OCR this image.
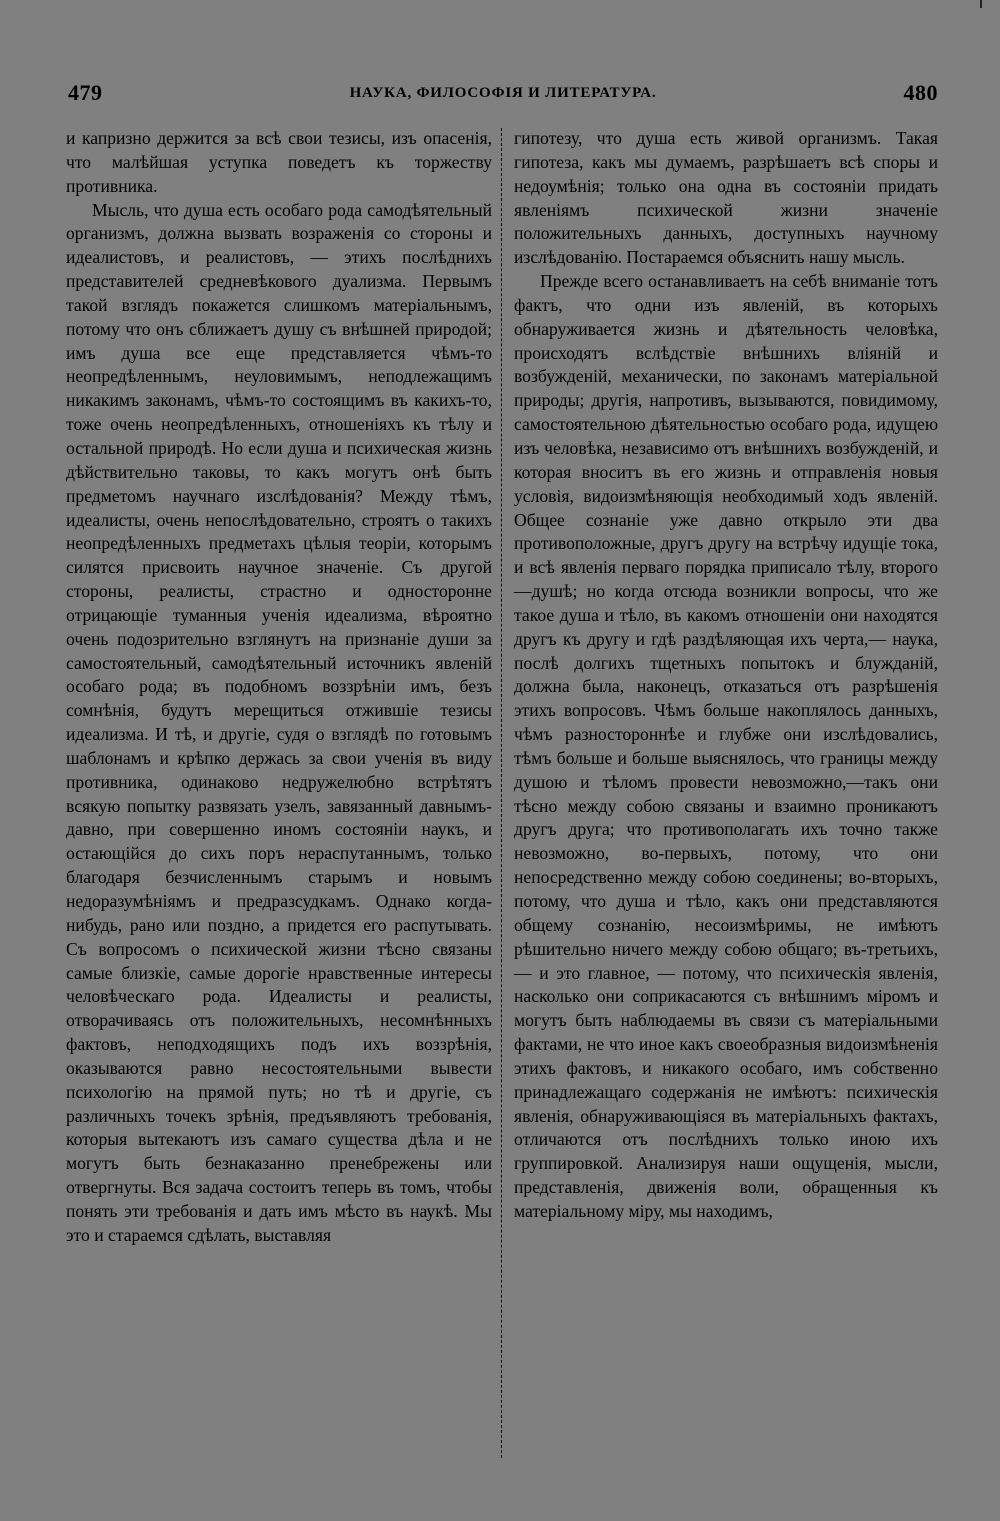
479	НАУКА, ФИЛОСОФІЯ И ЛИТЕРАТУРА.	480

и капризно держится за всѣ свои тезисы, изъ опасенія, что малѣйшая уступка поведетъ къ торжеству противника.

Мысль, что душа есть особаго рода самодѣятельный организмъ, должна вызвать возраженія со стороны и идеалистовъ, и реалистовъ, — этихъ послѣднихъ представителей средневѣкового дуализма. Первымъ такой взглядъ покажется слишкомъ матеріальнымъ, потому что онъ сближаетъ душу съ внѣшней природой; имъ душа все еще представляется чѣмъ-то неопредѣленнымъ, неуловимымъ, неподлежащимъ никакимъ законамъ, чѣмъ-то состоящимъ въ какихъ-то, тоже очень неопредѣленныхъ, отношеніяхъ къ тѣлу и остальной природѣ. Но если душа и психическая жизнь дѣйствительно таковы, то какъ могутъ онѣ быть предметомъ научнаго изслѣдованія? Между тѣмъ, идеалисты, очень непослѣдовательно, строятъ о такихъ неопредѣленныхъ предметахъ цѣлыя теоріи, которымъ силятся присвоить научное значеніе. Съ другой стороны, реалисты, страстно и односторонне отрицающіе туманныя ученія идеализма, вѣроятно очень подозрительно взглянутъ на признаніе души за самостоятельный, самодѣятельный источникъ явленій особаго рода; въ подобномъ воззрѣніи имъ, безъ сомнѣнія, будутъ мерещиться отжившіе тезисы идеализма. И тѣ, и другіе, судя о взглядѣ по готовымъ шаблонамъ и крѣпко держась за свои ученія въ виду противника, одинаково недружелюбно встрѣтятъ всякую попытку развязать узелъ, завязанный давнымъ-давно, при совершенно иномъ состояніи наукъ, и остающійся до сихъ поръ нераспутаннымъ, только благодаря безчисленнымъ старымъ и новымъ недоразумѣніямъ и предразсудкамъ. Однако когда-нибудь, рано или поздно, а придется его распутывать. Съ вопросомъ о психической жизни тѣсно связаны самые близкіе, самые дорогіе нравственные интересы человѣческаго рода. Идеалисты и реалисты, отворачиваясь отъ положительныхъ, несомнѣнныхъ фактовъ, неподходящихъ подъ ихъ воззрѣнія, оказываются равно несостоятельными вывести психологію на прямой путь; но тѣ и другіе, съ различныхъ точекъ зрѣнія, предъявляютъ требованія, которыя вытекаютъ изъ самаго существа дѣла и не могутъ быть безнаказанно пренебрежены или отвергнуты. Вся задача состоитъ теперь въ томъ, чтобы понять эти требованія и дать имъ мѣсто въ наукѣ. Мы это и стараемся сдѣлать, выставляя

гипотезу, что душа есть живой организмъ. Такая гипотеза, какъ мы думаемъ, разрѣшаетъ всѣ споры и недоумѣнія; только она одна въ состояніи придать явленіямъ психической жизни значеніе положительныхъ данныхъ, доступныхъ научному изслѣдованію. Постараемся объяснить нашу мысль.

Прежде всего останавливаетъ на себѣ вниманіе тотъ фактъ, что одни изъ явленій, въ которыхъ обнаруживается жизнь и дѣятельность человѣка, происходятъ вслѣдствіе внѣшнихъ вліяній и возбужденій, механически, по законамъ матеріальной природы; другія, напротивъ, вызываются, повидимому, самостоятельною дѣятельностью особаго рода, идущею изъ человѣка, независимо отъ внѣшнихъ возбужденій, и которая вноситъ въ его жизнь и отправленія новыя условія, видоизмѣняющія необходимый ходъ явленій. Общее сознаніе уже давно открыло эти два противоположные, другъ другу на встрѣчу идущіе тока, и всѣ явленія перваго порядка приписало тѣлу, второго—душѣ; но когда отсюда возникли вопросы, что же такое душа и тѣло, въ какомъ отношеніи они находятся другъ къ другу и гдѣ раздѣляющая ихъ черта,— наука, послѣ долгихъ тщетныхъ попытокъ и блужданій, должна была, наконецъ, отказаться отъ разрѣшенія этихъ вопросовъ. Чѣмъ больше накоплялось данныхъ, чѣмъ разностороннѣе и глубже они изслѣдовались, тѣмъ больше и больше выяснялось, что границы между душою и тѣломъ провести невозможно,—такъ они тѣсно между собою связаны и взаимно проникаютъ другъ друга; что противополагать ихъ точно также невозможно, во-первыхъ, потому, что они непосредственно между собою соединены; во-вторыхъ, потому, что душа и тѣло, какъ они представляются общему сознанію, несоизмѣримы, не имѣютъ рѣшительно ничего между собою общаго; въ-третьихъ, — и это главное, — потому, что психическія явленія, насколько они соприкасаются съ внѣшнимъ міромъ и могутъ быть наблюдаемы въ связи съ матеріальными фактами, не что иное какъ своеобразныя видоизмѣненія этихъ фактовъ, и никакого особаго, имъ собственно принадлежащаго содержанія не имѣютъ: психическія явленія, обнаруживающіяся въ матеріальныхъ фактахъ, отличаются отъ послѣднихъ только иною ихъ группировкой. Анализируя наши ощущенія, мысли, представленія, движенія воли, обращенныя къ матеріальному міру, мы находимъ,
